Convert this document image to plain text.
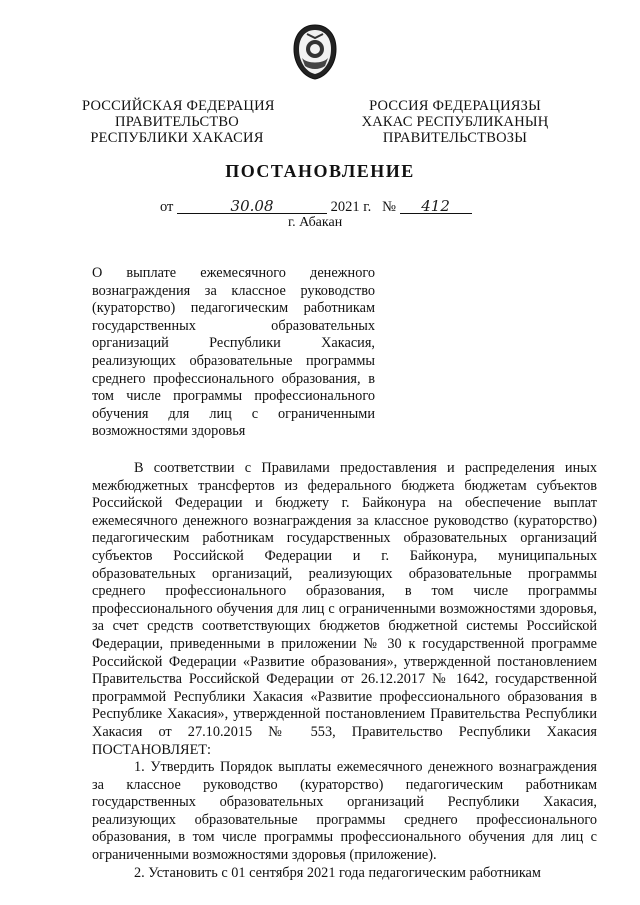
РОССИЙСКАЯ ФЕДЕРАЦИЯ
ПРАВИТЕЛЬСТВО
РЕСПУБЛИКИ ХАКАСИЯ
РОССИЯ ФЕДЕРАЦИЯЗЫ
ХАКАС РЕСПУБЛИКАНЫҢ
ПРАВИТЕЛЬСТВОЗЫ
ПОСТАНОВЛЕНИЕ
от	30.08	2021 г. № 412
г. Абакан
О выплате ежемесячного денежного вознаграждения за классное руководство (кураторство) педагогическим работникам государственных образовательных организаций Республики Хакасия, реализующих образовательные программы среднего профессионального образования, в том числе программы профессионального обучения для лиц с ограниченными возможностями здоровья

В соответствии с Правилами предоставления и распределения иных межбюджетных трансфертов из федерального бюджета бюджетам субъектов Российской Федерации и бюджету г. Байконура на обеспечение выплат ежемесячного денежного вознаграждения за классное руководство (кураторство) педагогическим работникам государственных образовательных организаций субъектов Российской Федерации и г. Байконура, муниципальных образовательных организаций, реализующих образовательные программы среднего профессионального образования, в том числе программы профессионального обучения для лиц с ограниченными возможностями здоровья, за счет средств соответствующих бюджетов бюджетной системы Российской Федерации, приведенными в приложении № 30 к государственной программе Российской Федерации «Развитие образования», утвержденной постановлением Правительства Российской Федерации от 26.12.2017 № 1642, государственной программой Республики Хакасия «Развитие профессионального образования в Республике Хакасия», утвержденной постановлением Правительства Республики Хакасия от 27.10.2015 № 553, Правительство Республики Хакасия ПОСТАНОВЛЯЕТ:

1. Утвердить Порядок выплаты ежемесячного денежного вознаграждения за классное руководство (кураторство) педагогическим работникам государственных образовательных организаций Республики Хакасия, реализующих образовательные программы среднего профессионального образования, в том числе программы профессионального обучения для лиц с ограниченными возможностями здоровья (приложение).

2. Установить с 01 сентября 2021 года педагогическим работникам
